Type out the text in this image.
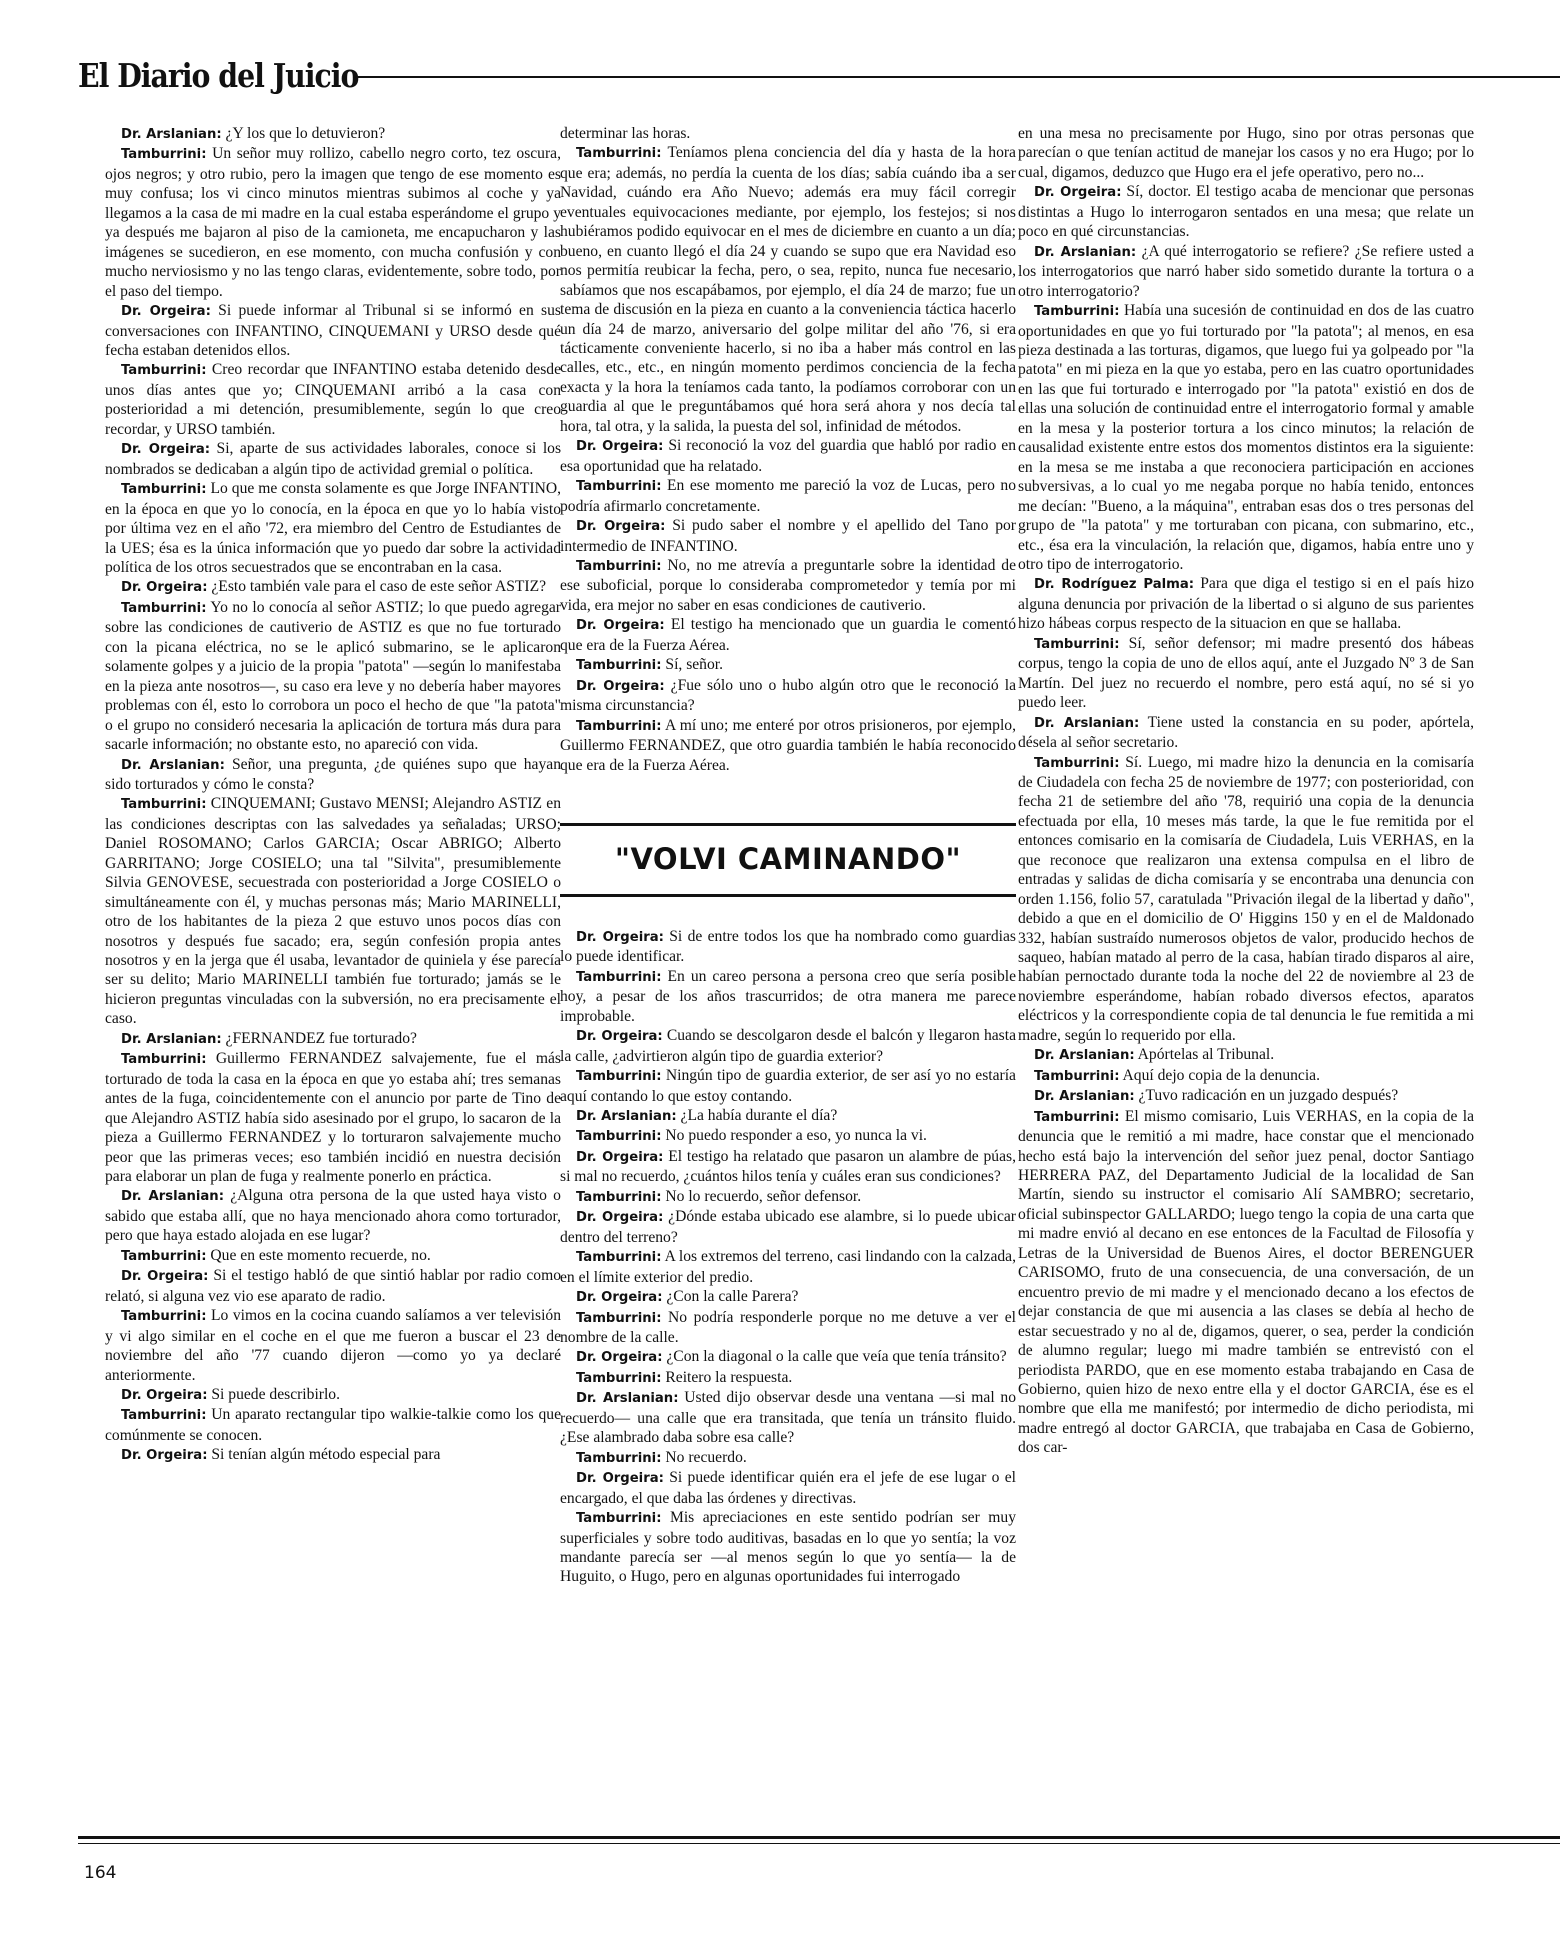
El Diario del Juicio

Dr. Arslanian: ¿Y los que lo detuvieron?

Tamburrini: Un señor muy rollizo, cabello negro corto, tez oscura, ojos negros; y otro rubio, pero la imagen que tengo de ese momento es muy confusa; los vi cinco minutos mientras subimos al coche y ya llegamos a la casa de mi madre en la cual estaba esperándome el grupo y ya después me bajaron al piso de la camioneta, me encapucharon y las imágenes se sucedieron, en ese momento, con mucha confusión y con mucho nerviosismo y no las tengo claras, evidentemente, sobre todo, por el paso del tiempo.

Dr. Orgeira: Si puede informar al Tribunal si se informó en sus conversaciones con INFANTINO, CINQUEMANI y URSO desde qué fecha estaban detenidos ellos.

Tamburrini: Creo recordar que INFANTINO estaba detenido desde unos días antes que yo; CINQUEMANI arribó a la casa con posterioridad a mi detención, presumiblemente, según lo que creo recordar, y URSO también.

Dr. Orgeira: Si, aparte de sus actividades laborales, conoce si los nombrados se dedicaban a algún tipo de actividad gremial o política.

Tamburrini: Lo que me consta solamente es que Jorge INFANTINO, en la época en que yo lo conocía, en la época en que yo lo había visto por última vez en el año '72, era miembro del Centro de Estudiantes de la UES; ésa es la única información que yo puedo dar sobre la actividad política de los otros secuestrados que se encontraban en la casa.

Dr. Orgeira: ¿Esto también vale para el caso de este señor ASTIZ?

Tamburrini: Yo no lo conocía al señor ASTIZ; lo que puedo agregar sobre las condiciones de cautiverio de ASTIZ es que no fue torturado con la picana eléctrica, no se le aplicó submarino, se le aplicaron solamente golpes y a juicio de la propia "patota" —según lo manifestaba en la pieza ante nosotros—, su caso era leve y no debería haber mayores problemas con él, esto lo corrobora un poco el hecho de que "la patota" o el grupo no consideró necesaria la aplicación de tortura más dura para sacarle información; no obstante esto, no apareció con vida.

Dr. Arslanian: Señor, una pregunta, ¿de quiénes supo que hayan sido torturados y cómo le consta?

Tamburrini: CINQUEMANI; Gustavo MENSI; Alejandro ASTIZ en las condiciones descriptas con las salvedades ya señaladas; URSO; Daniel ROSOMANO; Carlos GARCIA; Oscar ABRIGO; Alberto GARRITANO; Jorge COSIELO; una tal "Silvita", presumiblemente Silvia GENOVESE, secuestrada con posterioridad a Jorge COSIELO o simultáneamente con él, y muchas personas más; Mario MARINELLI, otro de los habitantes de la pieza 2 que estuvo unos pocos días con nosotros y después fue sacado; era, según confesión propia antes nosotros y en la jerga que él usaba, levantador de quiniela y ése parecía ser su delito; Mario MARINELLI también fue torturado; jamás se le hicieron preguntas vinculadas con la subversión, no era precisamente el caso.

Dr. Arslanian: ¿FERNANDEZ fue torturado?

Tamburrini: Guillermo FERNANDEZ salvajemente, fue el más torturado de toda la casa en la época en que yo estaba ahí; tres semanas antes de la fuga, coincidentemente con el anuncio por parte de Tino de que Alejandro ASTIZ había sido asesinado por el grupo, lo sacaron de la pieza a Guillermo FERNANDEZ y lo torturaron salvajemente mucho peor que las primeras veces; eso también incidió en nuestra decisión para elaborar un plan de fuga y realmente ponerlo en práctica.

Dr. Arslanian: ¿Alguna otra persona de la que usted haya visto o sabido que estaba allí, que no haya mencionado ahora como torturador, pero que haya estado alojada en ese lugar?

Tamburrini: Que en este momento recuerde, no.

Dr. Orgeira: Si el testigo habló de que sintió hablar por radio como relató, si alguna vez vio ese aparato de radio.

Tamburrini: Lo vimos en la cocina cuando salíamos a ver televisión y vi algo similar en el coche en el que me fueron a buscar el 23 de noviembre del año '77 cuando dijeron —como yo ya declaré anteriormente.

Dr. Orgeira: Si puede describirlo.

Tamburrini: Un aparato rectangular tipo walkie-talkie como los que comúnmente se conocen.

Dr. Orgeira: Si tenían algún método especial para

determinar las horas.

Tamburrini: Teníamos plena conciencia del día y hasta de la hora que era; además, no perdía la cuenta de los días; sabía cuándo iba a ser Navidad, cuándo era Año Nuevo; además era muy fácil corregir eventuales equivocaciones mediante, por ejemplo, los festejos; si nos hubiéramos podido equivocar en el mes de diciembre en cuanto a un día; bueno, en cuanto llegó el día 24 y cuando se supo que era Navidad eso nos permitía reubicar la fecha, pero, o sea, repito, nunca fue necesario, sabíamos que nos escapábamos, por ejemplo, el día 24 de marzo; fue un tema de discusión en la pieza en cuanto a la conveniencia táctica hacerlo un día 24 de marzo, aniversario del golpe militar del año '76, si era tácticamente conveniente hacerlo, si no iba a haber más control en las calles, etc., etc., en ningún momento perdimos conciencia de la fecha exacta y la hora la teníamos cada tanto, la podíamos corroborar con un guardia al que le preguntábamos qué hora será ahora y nos decía tal hora, tal otra, y la salida, la puesta del sol, infinidad de métodos.

Dr. Orgeira: Si reconoció la voz del guardia que habló por radio en esa oportunidad que ha relatado.

Tamburrini: En ese momento me pareció la voz de Lucas, pero no podría afirmarlo concretamente.

Dr. Orgeira: Si pudo saber el nombre y el apellido del Tano por intermedio de INFANTINO.

Tamburrini: No, no me atrevía a preguntarle sobre la identidad de ese suboficial, porque lo consideraba comprometedor y temía por mi vida, era mejor no saber en esas condiciones de cautiverio.

Dr. Orgeira: El testigo ha mencionado que un guardia le comentó que era de la Fuerza Aérea.

Tamburrini: Sí, señor.

Dr. Orgeira: ¿Fue sólo uno o hubo algún otro que le reconoció la misma circunstancia?

Tamburrini: A mí uno; me enteré por otros prisioneros, por ejemplo, Guillermo FERNANDEZ, que otro guardia también le había reconocido que era de la Fuerza Aérea.

"VOLVI CAMINANDO"

Dr. Orgeira: Si de entre todos los que ha nombrado como guardias lo puede identificar.

Tamburrini: En un careo persona a persona creo que sería posible hoy, a pesar de los años trascurridos; de otra manera me parece improbable.

Dr. Orgeira: Cuando se descolgaron desde el balcón y llegaron hasta la calle, ¿advirtieron algún tipo de guardia exterior?

Tamburrini: Ningún tipo de guardia exterior, de ser así yo no estaría aquí contando lo que estoy contando.

Dr. Arslanian: ¿La había durante el día?

Tamburrini: No puedo responder a eso, yo nunca la vi.

Dr. Orgeira: El testigo ha relatado que pasaron un alambre de púas, si mal no recuerdo, ¿cuántos hilos tenía y cuáles eran sus condiciones?

Tamburrini: No lo recuerdo, señor defensor.

Dr. Orgeira: ¿Dónde estaba ubicado ese alambre, si lo puede ubicar dentro del terreno?

Tamburrini: A los extremos del terreno, casi lindando con la calzada, en el límite exterior del predio.

Dr. Orgeira: ¿Con la calle Parera?

Tamburrini: No podría responderle porque no me detuve a ver el nombre de la calle.

Dr. Orgeira: ¿Con la diagonal o la calle que veía que tenía tránsito?

Tamburrini: Reitero la respuesta.

Dr. Arslanian: Usted dijo observar desde una ventana —si mal no recuerdo— una calle que era transitada, que tenía un tránsito fluido. ¿Ese alambrado daba sobre esa calle?

Tamburrini: No recuerdo.

Dr. Orgeira: Si puede identificar quién era el jefe de ese lugar o el encargado, el que daba las órdenes y directivas.

Tamburrini: Mis apreciaciones en este sentido podrían ser muy superficiales y sobre todo auditivas, basadas en lo que yo sentía; la voz mandante parecía ser —al menos según lo que yo sentía— la de Huguito, o Hugo, pero en algunas oportunidades fui interrogado

en una mesa no precisamente por Hugo, sino por otras personas que parecían o que tenían actitud de manejar los casos y no era Hugo; por lo cual, digamos, deduzco que Hugo era el jefe operativo, pero no...

Dr. Orgeira: Sí, doctor. El testigo acaba de mencionar que personas distintas a Hugo lo interrogaron sentados en una mesa; que relate un poco en qué circunstancias.

Dr. Arslanian: ¿A qué interrogatorio se refiere? ¿Se refiere usted a los interrogatorios que narró haber sido sometido durante la tortura o a otro interrogatorio?

Tamburrini: Había una sucesión de continuidad en dos de las cuatro oportunidades en que yo fui torturado por "la patota"; al menos, en esa pieza destinada a las torturas, digamos, que luego fui ya golpeado por "la patota" en mi pieza en la que yo estaba, pero en las cuatro oportunidades en las que fui torturado e interrogado por "la patota" existió en dos de ellas una solución de continuidad entre el interrogatorio formal y amable en la mesa y la posterior tortura a los cinco minutos; la relación de causalidad existente entre estos dos momentos distintos era la siguiente: en la mesa se me instaba a que reconociera participación en acciones subversivas, a lo cual yo me negaba porque no había tenido, entonces me decían: "Bueno, a la máquina", entraban esas dos o tres personas del grupo de "la patota" y me torturaban con picana, con submarino, etc., etc., ésa era la vinculación, la relación que, digamos, había entre uno y otro tipo de interrogatorio.

Dr. Rodríguez Palma: Para que diga el testigo si en el país hizo alguna denuncia por privación de la libertad o si alguno de sus parientes hizo hábeas corpus respecto de la situacion en que se hallaba.

Tamburrini: Sí, señor defensor; mi madre presentó dos hábeas corpus, tengo la copia de uno de ellos aquí, ante el Juzgado Nº 3 de San Martín. Del juez no recuerdo el nombre, pero está aquí, no sé si yo puedo leer.

Dr. Arslanian: Tiene usted la constancia en su poder, apórtela, désela al señor secretario.

Tamburrini: Sí. Luego, mi madre hizo la denuncia en la comisaría de Ciudadela con fecha 25 de noviembre de 1977; con posterioridad, con fecha 21 de setiembre del año '78, requirió una copia de la denuncia efectuada por ella, 10 meses más tarde, la que le fue remitida por el entonces comisario en la comisaría de Ciudadela, Luis VERHAS, en la que reconoce que realizaron una extensa compulsa en el libro de entradas y salidas de dicha comisaría y se encontraba una denuncia con orden 1.156, folio 57, caratulada "Privación ilegal de la libertad y daño", debido a que en el domicilio de O' Higgins 150 y en el de Maldonado 332, habían sustraído numerosos objetos de valor, producido hechos de saqueo, habían matado al perro de la casa, habían tirado disparos al aire, habían pernoctado durante toda la noche del 22 de noviembre al 23 de noviembre esperándome, habían robado diversos efectos, aparatos eléctricos y la correspondiente copia de tal denuncia le fue remitida a mi madre, según lo requerido por ella.

Dr. Arslanian: Apórtelas al Tribunal.

Tamburrini: Aquí dejo copia de la denuncia.

Dr. Arslanian: ¿Tuvo radicación en un juzgado después?

Tamburrini: El mismo comisario, Luis VERHAS, en la copia de la denuncia que le remitió a mi madre, hace constar que el mencionado hecho está bajo la intervención del señor juez penal, doctor Santiago HERRERA PAZ, del Departamento Judicial de la localidad de San Martín, siendo su instructor el comisario Alí SAMBRO; secretario, oficial subinspector GALLARDO; luego tengo la copia de una carta que mi madre envió al decano en ese entonces de la Facultad de Filosofía y Letras de la Universidad de Buenos Aires, el doctor BERENGUER CARISOMO, fruto de una consecuencia, de una conversación, de un encuentro previo de mi madre y el mencionado decano a los efectos de dejar constancia de que mi ausencia a las clases se debía al hecho de estar secuestrado y no al de, digamos, querer, o sea, perder la condición de alumno regular; luego mi madre también se entrevistó con el periodista PARDO, que en ese momento estaba trabajando en Casa de Gobierno, quien hizo de nexo entre ella y el doctor GARCIA, ése es el nombre que ella me manifestó; por intermedio de dicho periodista, mi madre entregó al doctor GARCIA, que trabajaba en Casa de Gobierno, dos car-

164
